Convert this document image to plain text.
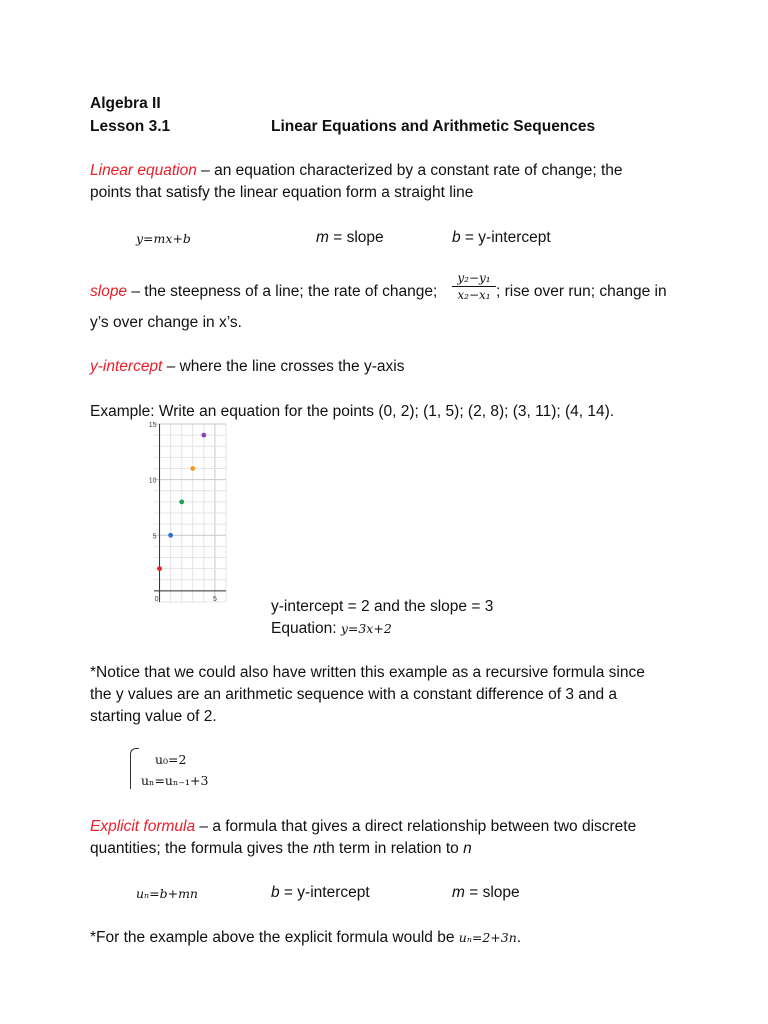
Algebra II
Lesson 3.1	Linear Equations and Arithmetic Sequences
Linear equation – an equation characterized by a constant rate of change; the
points that satisfy the linear equation form a straight line
y=mx+b	m = slope	b = y-intercept
slope – the steepness of a line; the rate of change;
y₂−y₁
x₂−x₁ ; rise over run; change in
y’s over change in x’s.
y-intercept – where the line crosses the y-axis
Example: Write an equation for the points (0, 2); (1, 5); (2, 8); (3, 11); (4, 14).
5
10
15
0	5	y-intercept = 2 and the slope = 3
Equation: y=3x+2
*Notice that we could also have written this example as a recursive formula since
the y values are an arithmetic sequence with a constant difference of 3 and a
starting value of 2.
u₀=2
uₙ=uₙ₋₁+3
Explicit formula – a formula that gives a direct relationship between two discrete
quantities; the formula gives the nth term in relation to n
uₙ=b+mn	b = y-intercept	m = slope
*For the example above the explicit formula would be uₙ=2+3n.
